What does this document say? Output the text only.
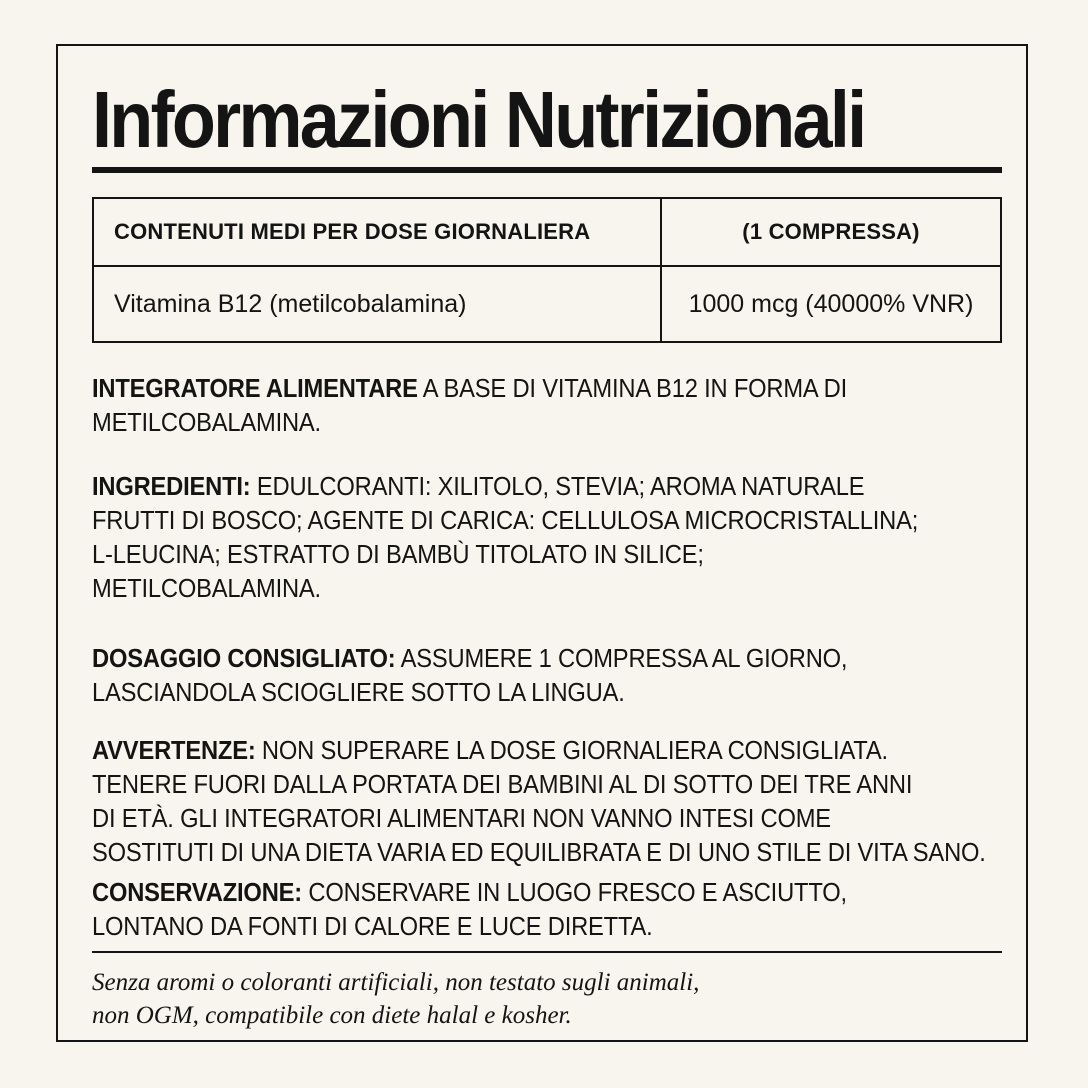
Informazioni Nutrizionali
CONTENUTI MEDI PER DOSE GIORNALIERA	(1 COMPRESSA)
Vitamina B12 (metilcobalamina)	1000 mcg (40000% VNR)
INTEGRATORE ALIMENTARE A BASE DI VITAMINA B12 IN FORMA DI
METILCOBALAMINA.
INGREDIENTI: EDULCORANTI: XILITOLO, STEVIA; AROMA NATURALE
FRUTTI DI BOSCO; AGENTE DI CARICA: CELLULOSA MICROCRISTALLINA;
L-LEUCINA; ESTRATTO DI BAMBÙ TITOLATO IN SILICE;
METILCOBALAMINA.
DOSAGGIO CONSIGLIATO: ASSUMERE 1 COMPRESSA AL GIORNO,
LASCIANDOLA SCIOGLIERE SOTTO LA LINGUA.
AVVERTENZE: NON SUPERARE LA DOSE GIORNALIERA CONSIGLIATA.
TENERE FUORI DALLA PORTATA DEI BAMBINI AL DI SOTTO DEI TRE ANNI
DI ETÀ. GLI INTEGRATORI ALIMENTARI NON VANNO INTESI COME
SOSTITUTI DI UNA DIETA VARIA ED EQUILIBRATA E DI UNO STILE DI VITA SANO.
CONSERVAZIONE: CONSERVARE IN LUOGO FRESCO E ASCIUTTO,
LONTANO DA FONTI DI CALORE E LUCE DIRETTA.
Senza aromi o coloranti artificiali, non testato sugli animali,
non OGM, compatibile con diete halal e kosher.
